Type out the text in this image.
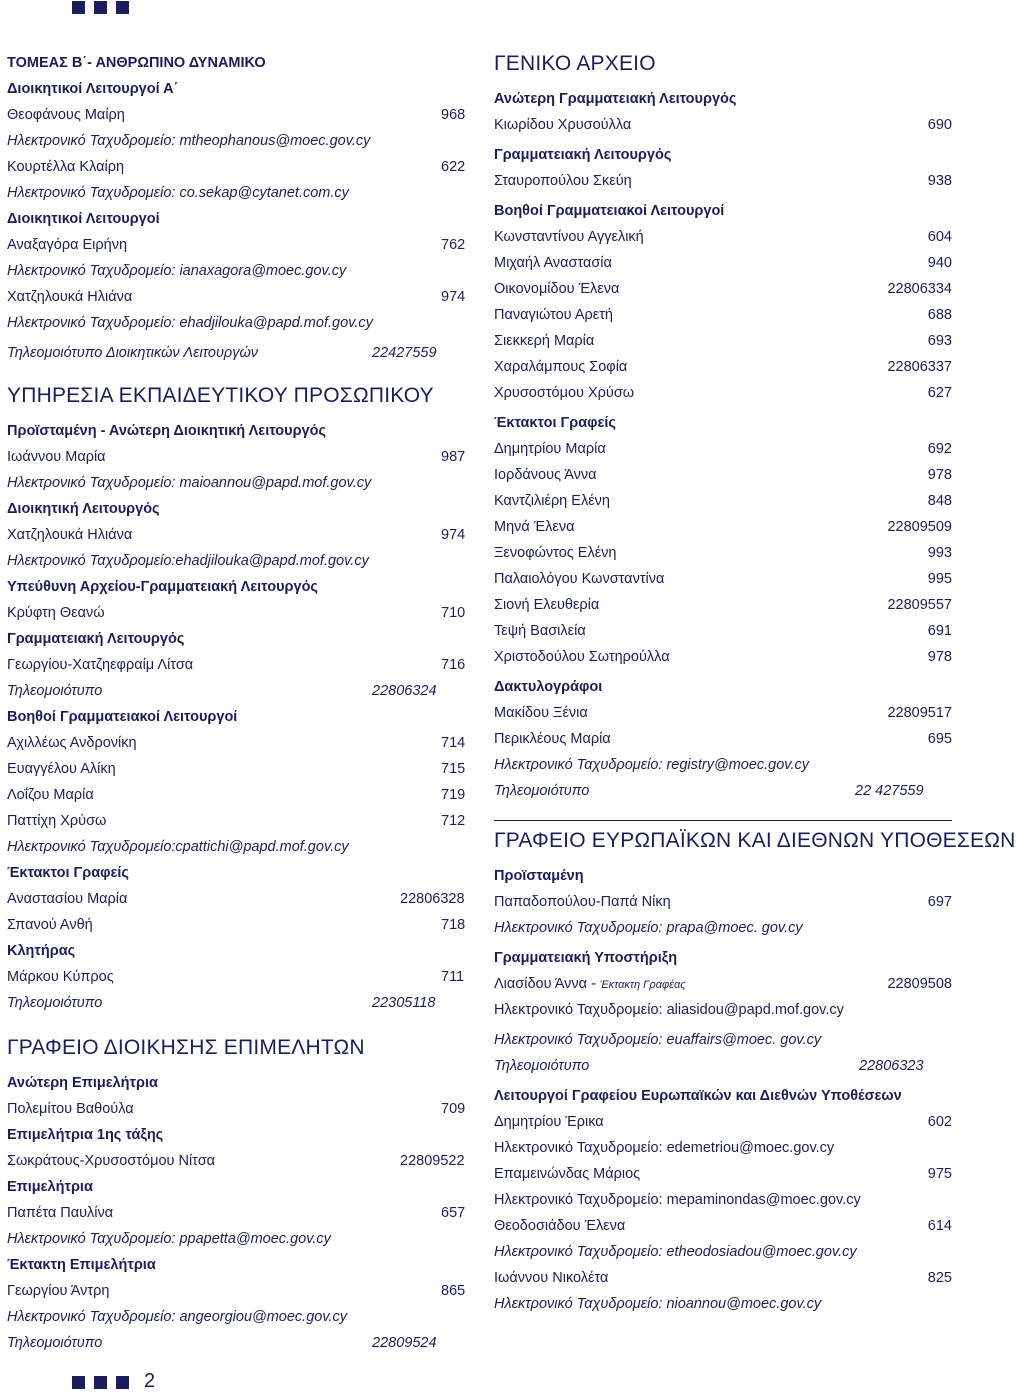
ΤΟΜΕΑΣ Β΄- ΑΝΘΡΩΠΙΝΟ ΔΥΝΑΜΙΚΟ
Διοικητικοί Λειτουργοί Α΄
Θεοφάνους Μαίρη	968
Ηλεκτρονικό Ταχυδρομείο: mtheophanous@moec.gov.cy
Κουρτέλλα Κλαίρη	622
Ηλεκτρονικό Ταχυδρομείο: co.sekap@cytanet.com.cy
Διοικητικοί Λειτουργοί
Αναξαγόρα Ειρήνη	762
Ηλεκτρονικό Ταχυδρομείο: ianaxagora@moec.gov.cy
Χατζηλουκά Ηλιάνα	974
Ηλεκτρονικό Ταχυδρομείο: ehadjilouka@papd.mof.gov.cy
Τηλεομοιότυπο Διοικητικών Λειτουργών	22427559
ΥΠΗΡΕΣΙΑ ΕΚΠΑΙΔΕΥΤΙΚΟΥ ΠΡΟΣΩΠΙΚΟΥ
Προϊσταμένη - Ανώτερη Διοικητική Λειτουργός
Ιωάννου Μαρία	987
Ηλεκτρονικό Ταχυδρομείο: maioannou@papd.mof.gov.cy
Διοικητική Λειτουργός
Χατζηλουκά Ηλιάνα	974
Ηλεκτρονικό Ταχυδρομείο:ehadjilouka@papd.mof.gov.cy
Υπεύθυνη Αρχείου-Γραμματειακή Λειτουργός
Κρύφτη Θεανώ	710
Γραμματειακή Λειτουργός
Γεωργίου-Χατζηεφραίμ Λίτσα	716
Τηλεομοιότυπο	22806324
Βοηθοί Γραμματειακοί Λειτουργοί
Αχιλλέως Ανδρονίκη	714
Ευαγγέλου Αλίκη	715
Λοΐζου Μαρία	719
Παττίχη Χρύσω	712
Ηλεκτρονικό Ταχυδρομείο:cpattichi@papd.mof.gov.cy
Έκτακτοι Γραφείς
Αναστασίου Μαρία	22806328
Σπανού Ανθή	718
Κλητήρας
Μάρκου Κύπρος	711
Τηλεομοιότυπο	22305118
ΓΡΑΦΕΙΟ ΔΙΟΙΚΗΣΗΣ ΕΠΙΜΕΛΗΤΩΝ
Ανώτερη Επιμελήτρια
Πολεμίτου Βαθούλα	709
Επιμελήτρια 1ης τάξης
Σωκράτους-Χρυσοστόμου Νίτσα	22809522
Επιμελήτρια
Παπέτα Παυλίνα	657
Ηλεκτρονικό Ταχυδρομείο: ppapetta@moec.gov.cy
Έκτακτη Επιμελήτρια
Γεωργίου Άντρη	865
Ηλεκτρονικό Ταχυδρομείο: angeorgiou@moec.gov.cy
Τηλεομοιότυπο	22809524
ΓΕΝΙΚΟ ΑΡΧΕΙΟ
Ανώτερη Γραμματειακή Λειτουργός
Κιωρίδου Χρυσούλλα	690
Γραμματειακή Λειτουργός
Σταυροπούλου Σκεύη	938
Βοηθοί Γραμματειακοί Λειτουργοί
Κωνσταντίνου Αγγελική	604
Μιχαήλ Αναστασία	940
Οικονομίδου Έλενα	22806334
Παναγιώτου Αρετή	688
Σιεκκερή Μαρία	693
Χαραλάμπους Σοφία	22806337
Χρυσοστόμου Χρύσω	627
Έκτακτοι Γραφείς
Δημητρίου Μαρία	692
Ιορδάνους Άννα	978
Καντζιλιέρη Ελένη	848
Μηνά Έλενα	22809509
Ξενοφώντος Ελένη	993
Παλαιολόγου Κωνσταντίνα	995
Σιονή Ελευθερία	22809557
Τεψή Βασιλεία	691
Χριστοδούλου Σωτηρούλλα	978
Δακτυλογράφοι
Μακίδου Ξένια	22809517
Περικλέους Μαρία	695
Ηλεκτρονικό Ταχυδρομείο: registry@moec.gov.cy
Τηλεομοιότυπο	22 427559
ΓΡΑΦΕΙΟ ΕΥΡΩΠΑΪΚΩΝ ΚΑΙ ΔΙΕΘΝΩΝ ΥΠΟΘΕΣΕΩΝ
Προϊσταμένη
Παπαδοπούλου-Παπά Νίκη	697
Ηλεκτρονικό Ταχυδρομείο: prapa@moec. gov.cy
Γραμματειακή Υποστήριξη
Λιασίδου Άννα - Έκτακτη Γραφέας	22809508
Ηλεκτρονικό Ταχυδρομείο: aliasidou@papd.mof.gov.cy
Ηλεκτρονικό Ταχυδρομείο: euaffairs@moec. gov.cy
Τηλεομοιότυπο	22806323
Λειτουργοί Γραφείου Ευρωπαϊκών και Διεθνών Υποθέσεων
Δημητρίου Έρικα	602
Ηλεκτρονικό Ταχυδρομείο: edemetriou@moec.gov.cy
Επαμεινώνδας Μάριος	975
Ηλεκτρονικό Ταχυδρομείο: mepaminondas@moec.gov.cy
Θεοδοσιάδου Έλενα	614
Ηλεκτρονικό Ταχυδρομείο: etheodosiadou@moec.gov.cy
Ιωάννου Νικολέτα	825
Ηλεκτρονικό Ταχυδρομείο: nioannou@moec.gov.cy
2
